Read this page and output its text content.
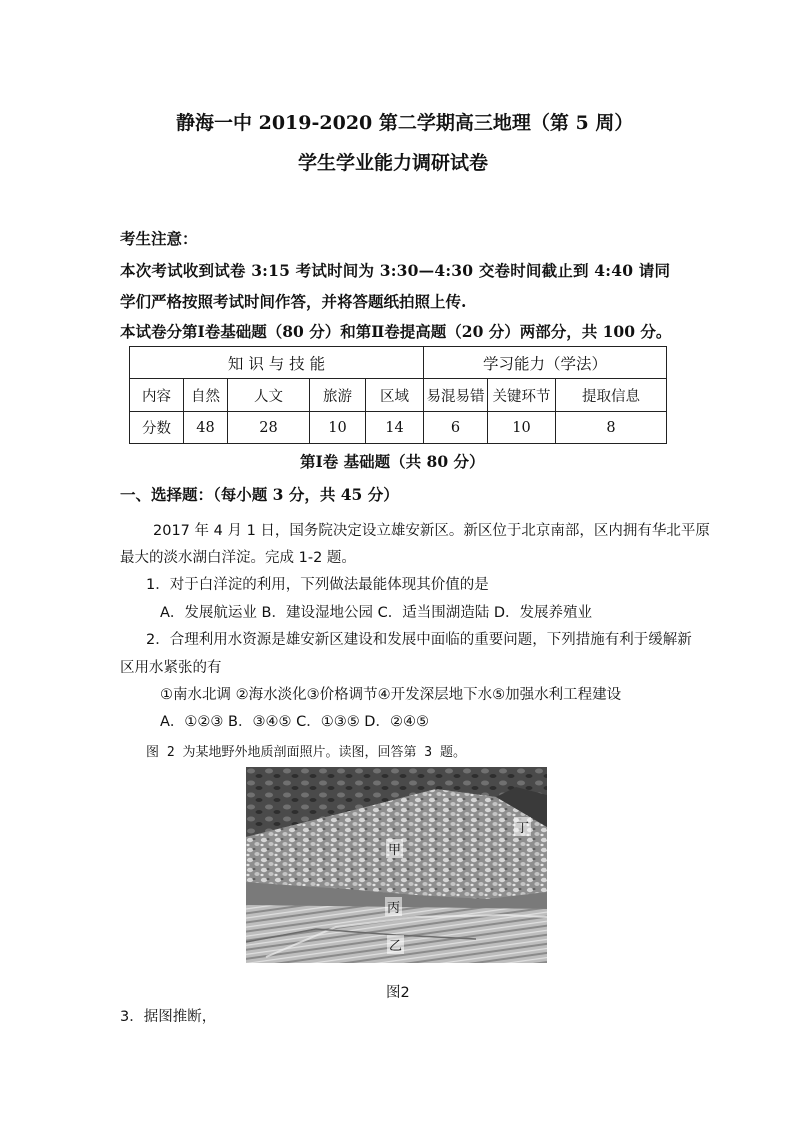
静海一中 2019-2020 第二学期高三地理（第 5 周）
学生学业能力调研试卷
考生注意：
本次考试收到试卷 3:15 考试时间为 3:30—4:30 交卷时间截止到 4:40 请同
学们严格按照考试时间作答，并将答题纸拍照上传.
本试卷分第Ⅰ卷基础题（80 分）和第Ⅱ卷提高题（20 分）两部分，共 100 分。
知 识 与 技 能					学习能力（学法）		
内容	自然	人文	旅游	区域	易混易错	关键环节	提取信息
分数	48	28	10	14	6	10	8
第Ⅰ卷 基础题（共 80 分）
一、选择题：（每小题 3 分，共 45 分）
2017 年 4 月 1 日，国务院决定设立雄安新区。新区位于北京南部，区内拥有华北平原
最大的淡水湖白洋淀。完成 1-2 题。
1．对于白洋淀的利用，下列做法最能体现其价值的是
A．发展航运业 B．建设湿地公园 C．适当围湖造陆 D．发展养殖业
2．合理利用水资源是雄安新区建设和发展中面临的重要问题，下列措施有利于缓解新
区用水紧张的有
①南水北调 ②海水淡化③价格调节④开发深层地下水⑤加强水利工程建设
A．①②③ B．③④⑤ C．①③⑤ D．②④⑤
图 2 为某地野外地质剖面照片。读图，回答第 3 题。
丁
甲
丙
乙
图2
3．据图推断，
